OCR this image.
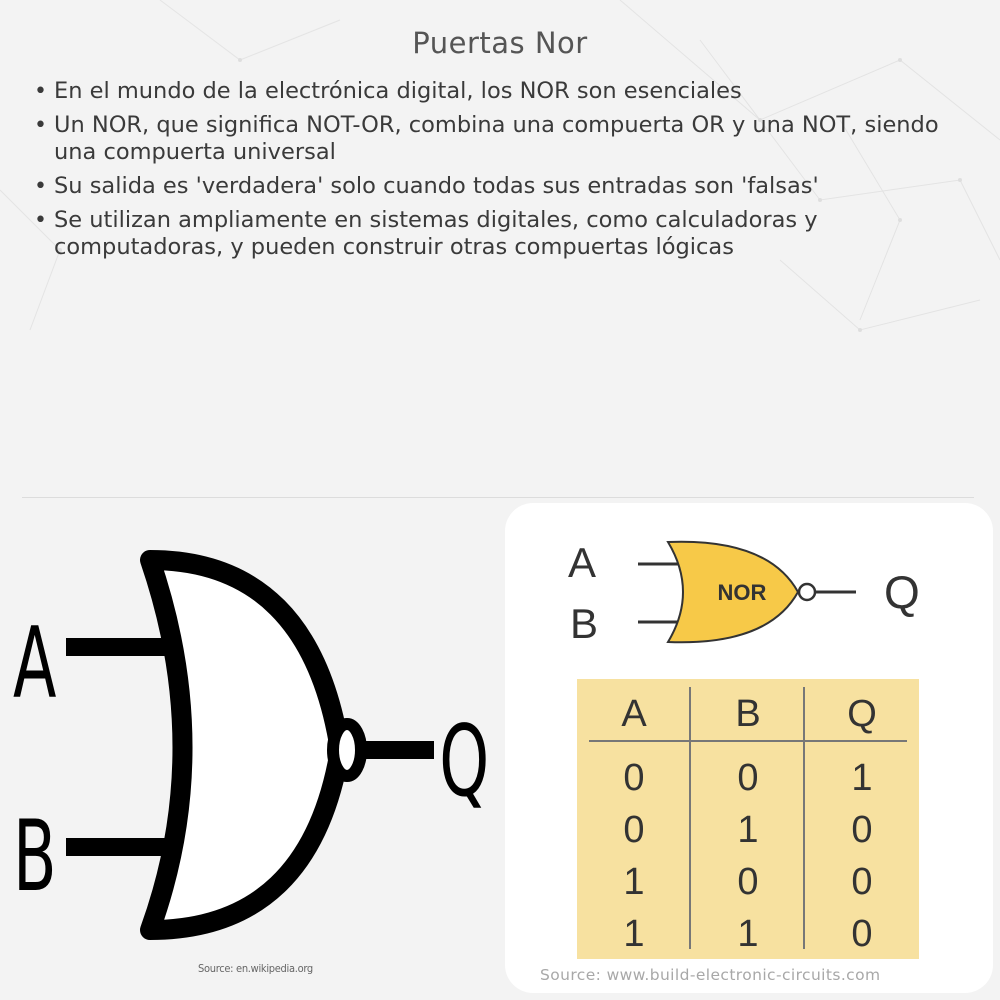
Puertas Nor
• En el mundo de la electrónica digital, los NOR son esenciales
• Un NOR, que significa NOT-OR, combina una compuerta OR y una NOT, siendo una compuerta universal
• Su salida es 'verdadera' solo cuando todas sus entradas son 'falsas'
• Se utilizan ampliamente en sistemas digitales, como calculadoras y computadoras, y pueden construir otras compuertas lógicas
A
B
Q
Source: en.wikipedia.org
NOR
A
B
Q
A	B	Q
0	0	1
0	1	0
1	0	0
1	1	0
Source: www.build-electronic-circuits.com
